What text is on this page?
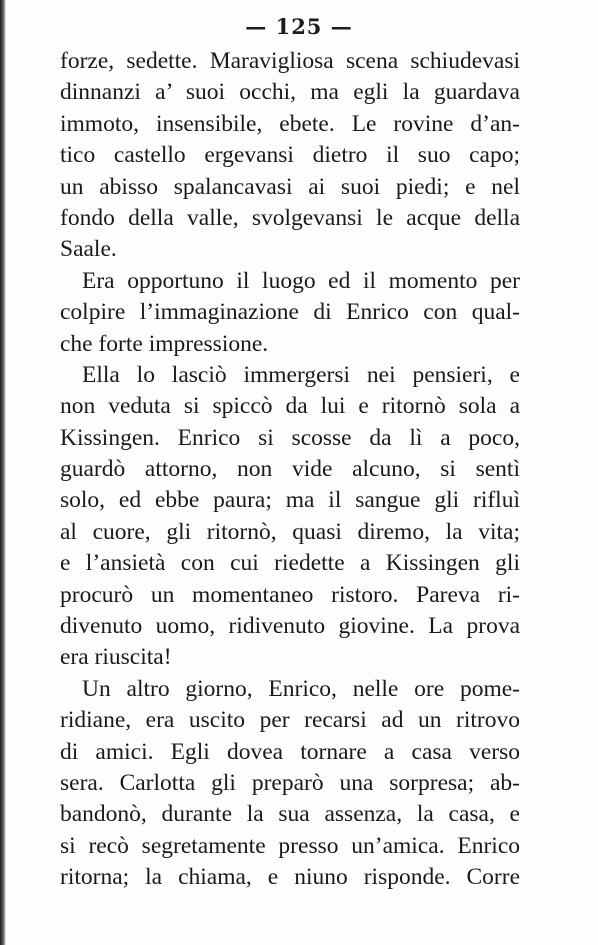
— 125 —
forze, sedette. Maravigliosa scena schiudevasi
dinnanzi a’ suoi occhi, ma egli la guardava
immoto, insensibile, ebete. Le rovine d’an-
tico castello ergevansi dietro il suo capo;
un abisso spalancavasi ai suoi piedi; e nel
fondo della valle, svolgevansi le acque della
Saale.
Era opportuno il luogo ed il momento per
colpire l’immaginazione di Enrico con qual-
che forte impressione.
Ella lo lasciò immergersi nei pensieri, e
non veduta si spiccò da lui e ritornò sola a
Kissingen. Enrico si scosse da lì a poco,
guardò attorno, non vide alcuno, si sentì
solo, ed ebbe paura; ma il sangue gli rifluì
al cuore, gli ritornò, quasi diremo, la vita;
e l’ansietà con cui riedette a Kissingen gli
procurò un momentaneo ristoro. Pareva ri-
divenuto uomo, ridivenuto giovine. La prova
era riuscita!
Un altro giorno, Enrico, nelle ore pome-
ridiane, era uscito per recarsi ad un ritrovo
di amici. Egli dovea tornare a casa verso
sera. Carlotta gli preparò una sorpresa; ab-
bandonò, durante la sua assenza, la casa, e
si recò segretamente presso un’amica. Enrico
ritorna; la chiama, e niuno risponde. Corre
